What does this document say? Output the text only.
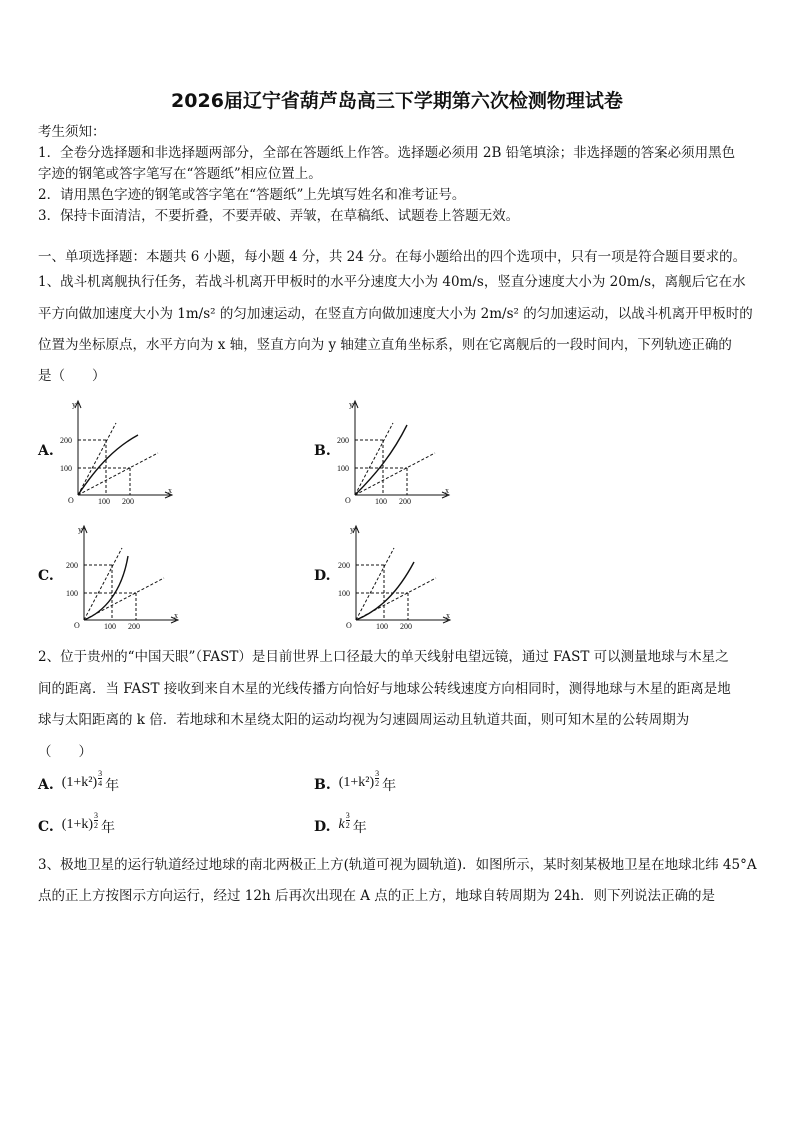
2026届辽宁省葫芦岛高三下学期第六次检测物理试卷
考生须知：
1．全卷分选择题和非选择题两部分，全部在答题纸上作答。选择题必须用 2B 铅笔填涂；非选择题的答案必须用黑色
字迹的钢笔或答字笔写在“答题纸”相应位置上。
2．请用黑色字迹的钢笔或答字笔在“答题纸”上先填写姓名和准考证号。
3．保持卡面清洁，不要折叠，不要弄破、弄皱，在草稿纸、试题卷上答题无效。
一、单项选择题：本题共 6 小题，每小题 4 分，共 24 分。在每小题给出的四个选项中，只有一项是符合题目要求的。
1、战斗机离舰执行任务，若战斗机离开甲板时的水平分速度大小为 40m/s，竖直分速度大小为 20m/s，离舰后它在水
平方向做加速度大小为 1m/s² 的匀加速运动，在竖直方向做加速度大小为 2m/s² 的匀加速运动，以战斗机离开甲板时的
位置为坐标原点，水平方向为 x 轴，竖直方向为 y 轴建立直角坐标系，则在它离舰后的一段时间内，下列轨迹正确的
是（　　）
A.
y
x
O
200
100
100 200
B.
y
x
O
200
100
100 200
C.
y
x
O
200
100
100 200
D.
y
x
O
200
100
100 200
2、位于贵州的“中国天眼”（FAST）是目前世界上口径最大的单天线射电望远镜，通过 FAST 可以测量地球与木星之
间的距离．当 FAST 接收到来自木星的光线传播方向恰好与地球公转线速度方向相同时，测得地球与木星的距离是地
球与太阳距离的 k 倍．若地球和木星绕太阳的运动均视为匀速圆周运动且轨道共面，则可知木星的公转周期为
（　　）
A. $(1+k^2) \frac{3}{4}$ 年	B. $(1+k^2) \frac{3}{2}$ 年
C. $(1+k) \frac{3}{2}$ 年	D. k $\frac{3}{2}$ 年
3、极地卫星的运行轨道经过地球的南北两极正上方(轨道可视为圆轨道)．如图所示，某时刻某极地卫星在地球北纬 45°A
点的正上方按图示方向运行，经过 12h 后再次出现在 A 点的正上方，地球自转周期为 24h．则下列说法正确的是
